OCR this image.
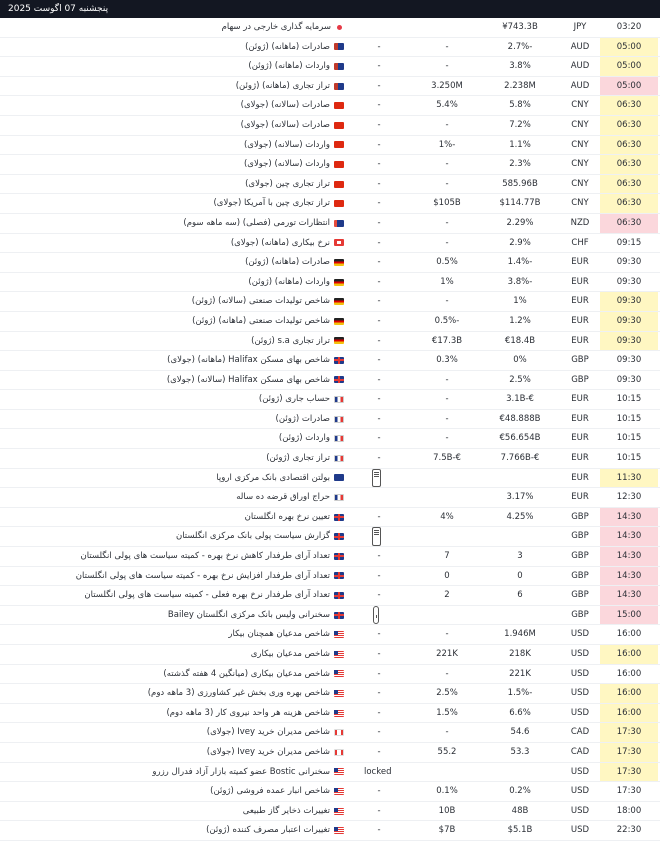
پنجشنبه 07 اگوست 2025
03:20
JPY
¥743.3B
سرمایه گذاری خارجی در سهام
05:00
AUD
2.7%-
-
-
صادرات (ماهانه) (ژوئن)
05:00
AUD
3.8%
-
-
واردات (ماهانه) (ژوئن)
05:00
AUD
2.238M
3.250M
-
تراز تجاری (ماهانه) (ژوئن)
06:30
CNY
5.8%
5.4%
-
صادرات (سالانه) (جولای)
06:30
CNY
7.2%
-
-
صادرات (سالانه) (جولای)
06:30
CNY
1.1%
1%-
-
واردات (سالانه) (جولای)
06:30
CNY
2.3%
-
-
واردات (سالانه) (جولای)
06:30
CNY
585.96B
-
-
تراز تجاری چین (جولای)
06:30
CNY
$114.77B
$105B
-
تراز تجاری چین با آمریکا (جولای)
06:30
NZD
2.29%
-
-
انتظارات تورمی (فصلی) (سه ماهه سوم)
09:15
CHF
2.9%
-
-
نرخ بیکاری (ماهانه) (جولای)
09:30
EUR
1.4%-
0.5%
-
صادرات (ماهانه) (ژوئن)
09:30
EUR
3.8%-
1%
-
واردات (ماهانه) (ژوئن)
09:30
EUR
1%
-
-
شاخص تولیدات صنعتی (سالانه) (ژوئن)
09:30
EUR
1.2%
0.5%-
-
شاخص تولیدات صنعتی (ماهانه) (ژوئن)
09:30
EUR
€18.4B
€17.3B
-
تراز تجاری s.a (ژوئن)
09:30
GBP
0%
0.3%
-
شاخص بهای مسکن Halifax (ماهانه) (جولای)
09:30
GBP
2.5%
-
-
شاخص بهای مسکن Halifax (سالانه) (جولای)
10:15
EUR
3.1B-€
-
-
حساب جاری (ژوئن)
10:15
EUR
€48.888B
-
-
صادرات (ژوئن)
10:15
EUR
€56.654B
-
-
واردات (ژوئن)
10:15
EUR
7.766B-€
7.5B-€
-
تراز تجاری (ژوئن)
11:30
EUR
بولتن اقتصادی بانک مرکزی اروپا
12:30
EUR
3.17%
حراج اوراق قرضه ده ساله
14:30
GBP
4.25%
4%
-
تعیین نرخ بهره انگلستان
14:30
GBP
گزارش سیاست پولی بانک مرکزی انگلستان
14:30
GBP
3
7
-
تعداد آرای طرفدار کاهش نرخ بهره - کمیته سیاست های پولی انگلستان
14:30
GBP
0
0
-
تعداد آرای طرفدار افزایش نرخ بهره - کمیته سیاست های پولی انگلستان
14:30
GBP
6
2
-
تعداد آرای طرفدار نرخ بهره فعلی - کمیته سیاست های پولی انگلستان
15:00
GBP
سخنرانی ولیس بانک مرکزی انگلستان Bailey
16:00
USD
1.946M
-
-
شاخص مدعیان همچنان بیکار
16:00
USD
218K
221K
-
شاخص مدعیان بیکاری
16:00
USD
221K
-
-
شاخص مدعیان بیکاری (میانگین 4 هفته گذشته)
16:00
USD
1.5%-
2.5%
-
شاخص بهره وری بخش غیر کشاورزی (3 ماهه دوم)
16:00
USD
6.6%
1.5%
-
شاخص هزینه هر واحد نیروی کار (3 ماهه دوم)
17:30
CAD
54.6
-
-
شاخص مدیران خرید Ivey (جولای)
17:30
CAD
53.3
55.2
-
شاخص مدیران خرید Ivey (جولای)
17:30
USD
locked
سخنرانی Bostic عضو کمیته بازار آزاد فدرال رزرو
17:30
USD
0.2%
0.1%
-
شاخص انبار عمده فروشی (ژوئن)
18:00
USD
48B
10B
-
تغییرات ذخایر گاز طبیعی
22:30
USD
$5.1B
$7B
-
تغییرات اعتبار مصرف کننده (ژوئن)
